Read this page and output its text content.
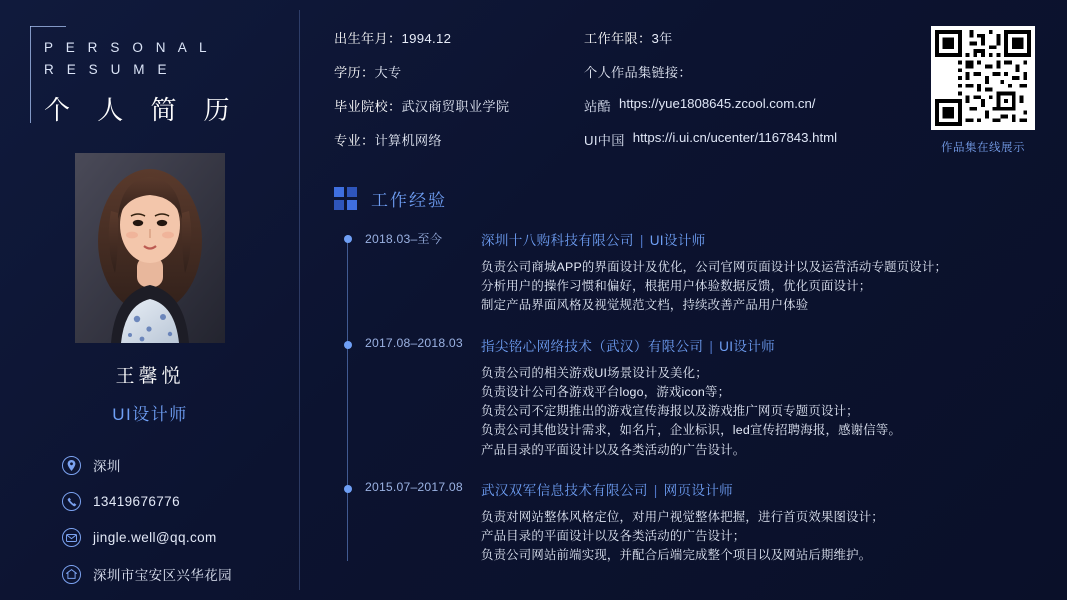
P E R S O N A L
R E S U M E
个 人 简 历
王馨悦
UI设计师
深圳
13419676776
jingle.well@qq.com
深圳市宝安区兴华花园
出生年月：1994.12
学历：大专
毕业院校：武汉商贸职业学院
专业：计算机网络
工作年限：3年
个人作品集链接：
站酷 https://yue1808645.zcool.com.cn/
UI中国 https://i.ui.cn/ucenter/1167843.html
作品集在线展示
工作经验
2018.03–至今	深圳十八购科技有限公司 | UI设计师
负责公司商城APP的界面设计及优化，公司官网页面设计以及运营活动专题页设计；
分析用户的操作习惯和偏好，根据用户体验数据反馈，优化页面设计；
制定产品界面风格及视觉规范文档，持续改善产品用户体验
2017.08–2018.03	指尖铭心网络技术（武汉）有限公司 | UI设计师
负责公司的相关游戏UI场景设计及美化；
负责设计公司各游戏平台logo，游戏icon等；
负责公司不定期推出的游戏宣传海报以及游戏推广网页专题页设计；
负责公司其他设计需求，如名片，企业标识，led宣传招聘海报，感谢信等。
产品目录的平面设计以及各类活动的广告设计。
2015.07–2017.08	武汉双军信息技术有限公司 | 网页设计师
负责对网站整体风格定位，对用户视觉整体把握，进行首页效果图设计；
产品目录的平面设计以及各类活动的广告设计；
负责公司网站前端实现，并配合后端完成整个项目以及网站后期维护。
